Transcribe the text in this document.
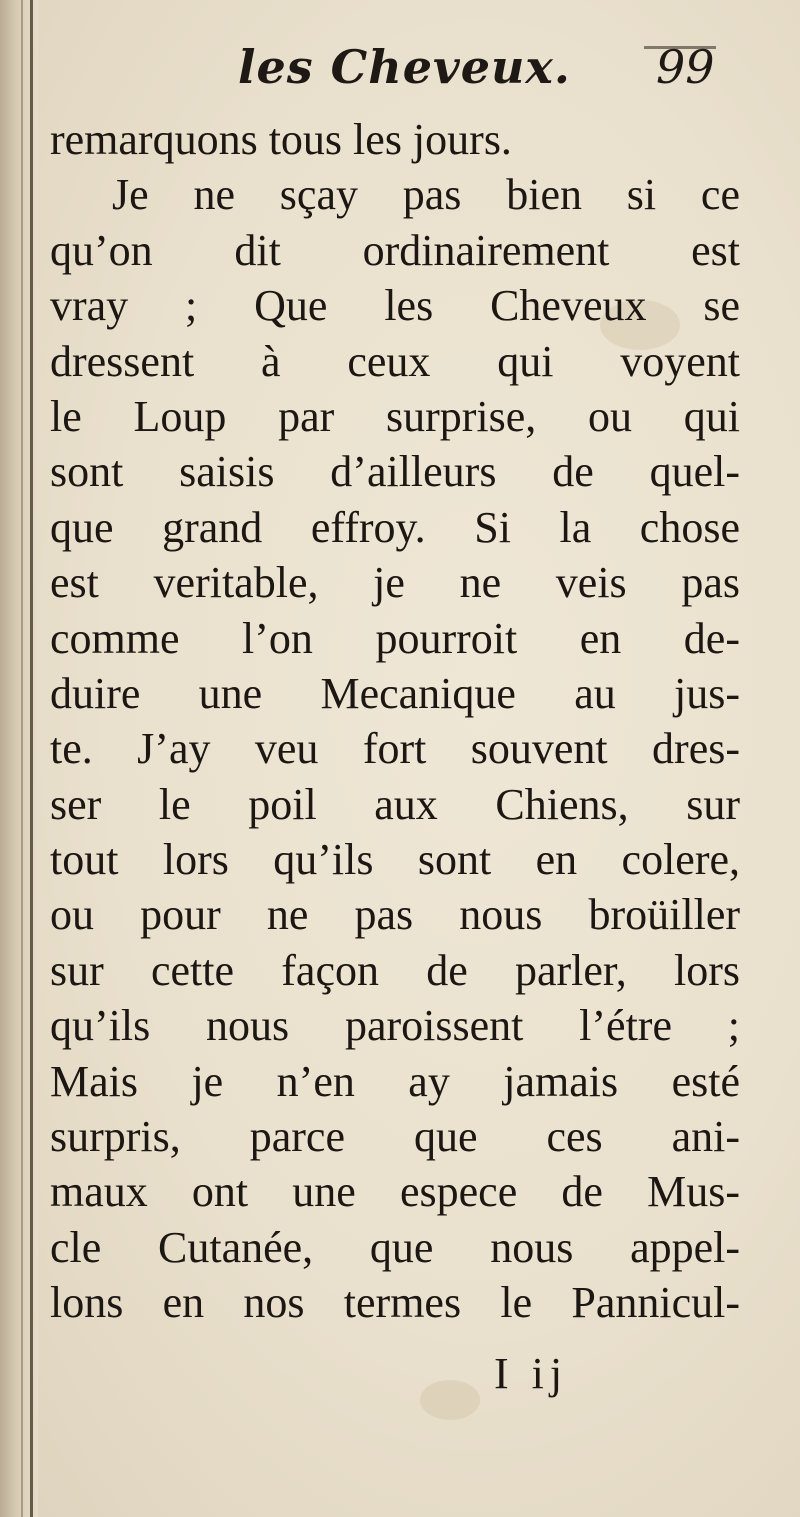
les Cheveux. 99
remarquons tous les jours.
Je ne sçay pas bien si ce
qu’on dit ordinairement est
vray ; Que les Cheveux se
dressent à ceux qui voyent
le Loup par surprise, ou qui
sont saisis d’ailleurs de quel-
que grand effroy. Si la chose
est veritable, je ne veis pas
comme l’on pourroit en de-
duire une Mecanique au jus-
te. J’ay veu fort souvent dres-
ser le poil aux Chiens, sur
tout lors qu’ils sont en colere,
ou pour ne pas nous broüiller
sur cette façon de parler, lors
qu’ils nous paroissent l’étre ;
Mais je n’en ay jamais esté
surpris, parce que ces ani-
maux ont une espece de Mus-
cle Cutanée, que nous appel-
lons en nos termes le Pannicul-
I ij
